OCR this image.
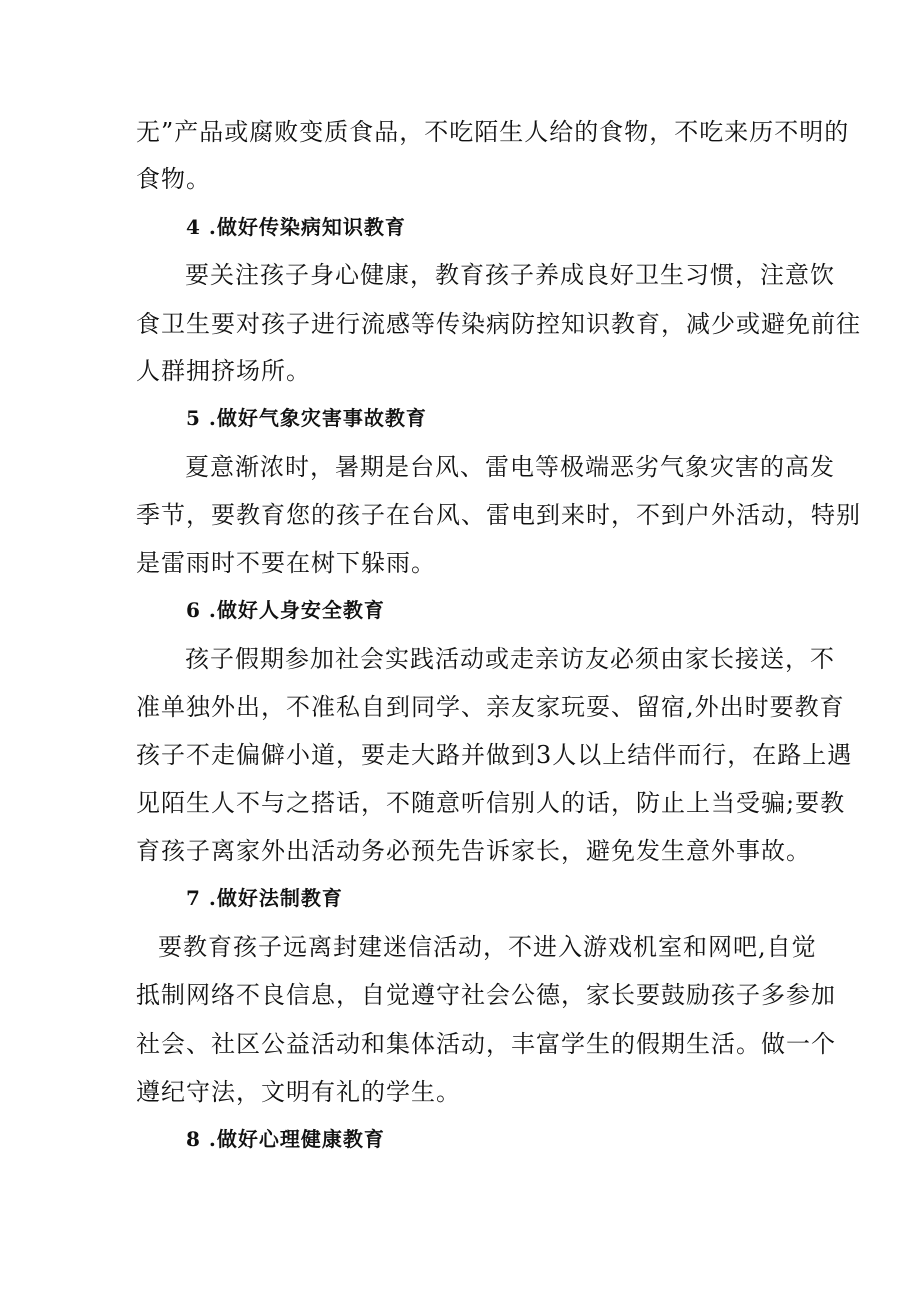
无”产品或腐败变质食品，不吃陌生人给的食物，不吃来历不明的

食物。

4 .做好传染病知识教育

要关注孩子身心健康，教育孩子养成良好卫生习惯，注意饮

食卫生要对孩子进行流感等传染病防控知识教育，减少或避免前往

人群拥挤场所。

5 .做好气象灾害事故教育

夏意渐浓时，暑期是台风、雷电等极端恶劣气象灾害的高发

季节，要教育您的孩子在台风、雷电到来时，不到户外活动，特别

是雷雨时不要在树下躲雨。

6 .做好人身安全教育

孩子假期参加社会实践活动或走亲访友必须由家长接送，不

准单独外出，不准私自到同学、亲友家玩耍、留宿,外出时要教育

孩子不走偏僻小道，要走大路并做到3人以上结伴而行，在路上遇

见陌生人不与之搭话，不随意听信别人的话，防止上当受骗;要教

育孩子离家外出活动务必预先告诉家长，避免发生意外事故。

7 .做好法制教育

要教育孩子远离封建迷信活动，不进入游戏机室和网吧,自觉

抵制网络不良信息，自觉遵守社会公德，家长要鼓励孩子多参加

社会、社区公益活动和集体活动，丰富学生的假期生活。做一个

遵纪守法，文明有礼的学生。

8 .做好心理健康教育
